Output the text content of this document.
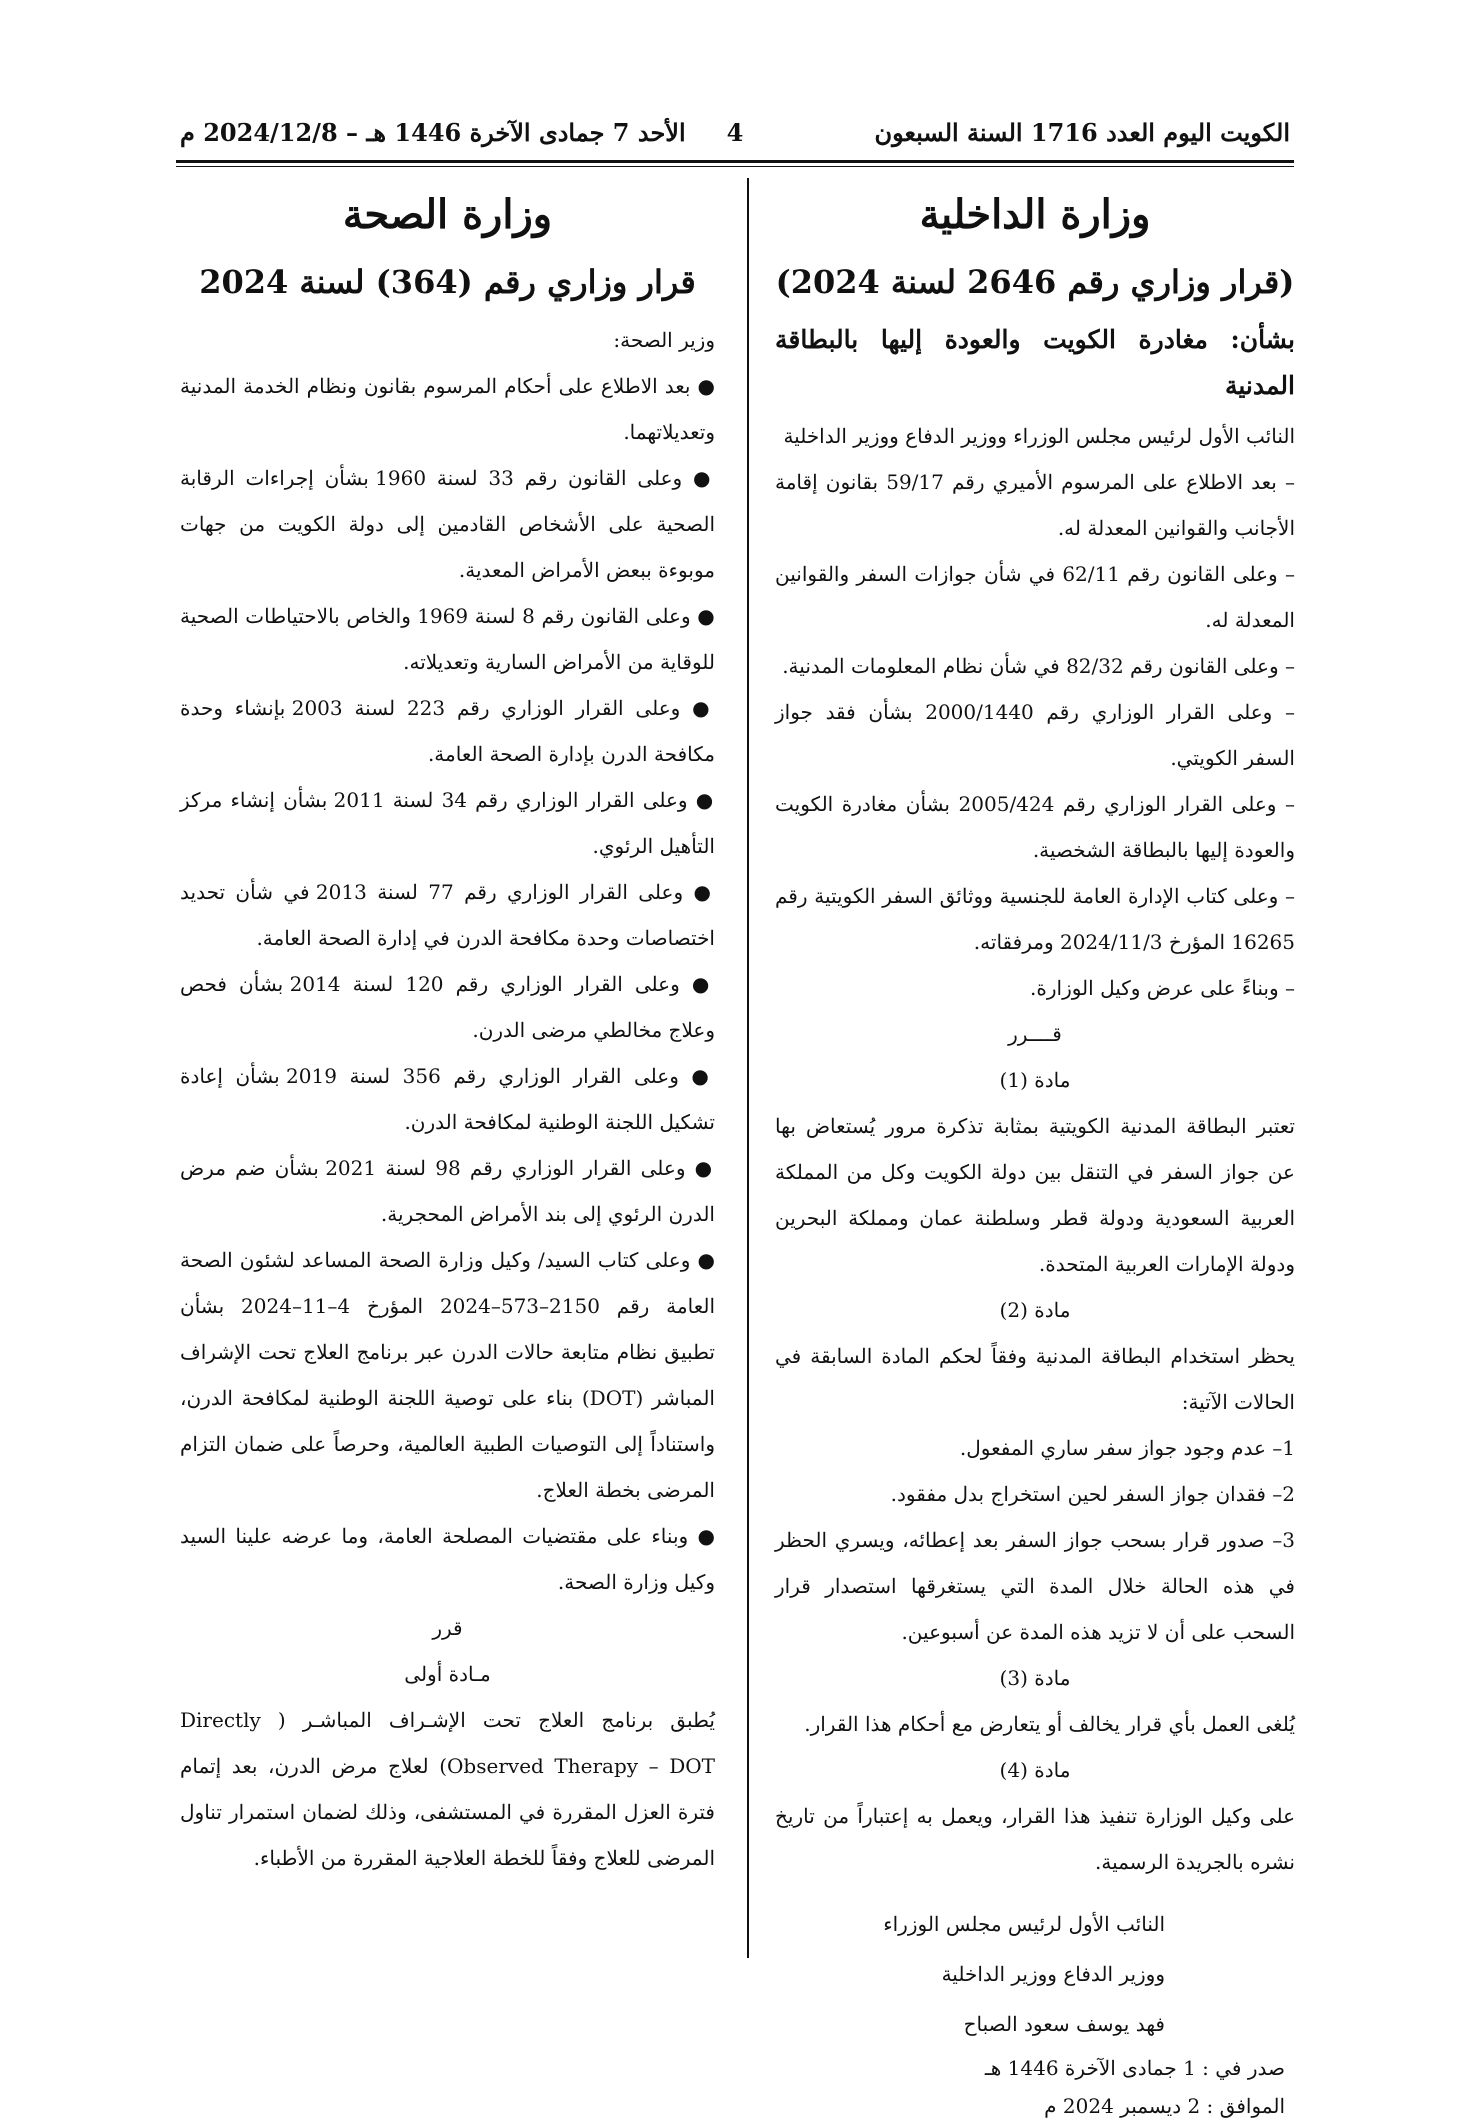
الكويت اليوم العدد 1716 السنة السبعون
4
الأحد 7 جمادى الآخرة 1446 هـ – 2024/12/8 م
وزارة الداخلية
(قرار وزاري رقم 2646 لسنة 2024)
بشأن: مغادرة الكويت والعودة إليها بالبطاقة المدنية

النائب الأول لرئيس مجلس الوزراء ووزير الدفاع ووزير الداخلية

– بعد الاطلاع على المرسوم الأميري رقم 59/17 بقانون إقامة الأجانب والقوانين المعدلة له.

– وعلى القانون رقم 62/11 في شأن جوازات السفر والقوانين المعدلة له.

– وعلى القانون رقم 82/32 في شأن نظام المعلومات المدنية.

– وعلى القرار الوزاري رقم 2000/1440 بشأن فقد جواز السفر الكويتي.

– وعلى القرار الوزاري رقم 2005/424 بشأن مغادرة الكويت والعودة إليها بالبطاقة الشخصية.

– وعلى كتاب الإدارة العامة للجنسية ووثائق السفر الكويتية رقم 16265 المؤرخ 2024/11/3 ومرفقاته.

– وبناءً على عرض وكيل الوزارة.

قــــرر

مادة (1)

تعتبر البطاقة المدنية الكويتية بمثابة تذكرة مرور يُستعاض بها عن جواز السفر في التنقل بين دولة الكويت وكل من المملكة العربية السعودية ودولة قطر وسلطنة عمان ومملكة البحرين ودولة الإمارات العربية المتحدة.

مادة (2)

يحظر استخدام البطاقة المدنية وفقاً لحكم المادة السابقة في الحالات الآتية:

1– عدم وجود جواز سفر ساري المفعول.

2– فقدان جواز السفر لحين استخراج بدل مفقود.

3– صدور قرار بسحب جواز السفر بعد إعطائه، ويسري الحظر في هذه الحالة خلال المدة التي يستغرقها استصدار قرار السحب على أن لا تزيد هذه المدة عن أسبوعين.

مادة (3)

يُلغى العمل بأي قرار يخالف أو يتعارض مع أحكام هذا القرار.

مادة (4)

على وكيل الوزارة تنفيذ هذا القرار، ويعمل به إعتباراً من تاريخ نشره بالجريدة الرسمية.

النائب الأول لرئيس مجلس الوزراء

ووزير الدفاع ووزير الداخلية

فهد يوسف سعود الصباح

صدر في : 1 جمادى الآخرة 1446 هـ

الموافق : 2 ديسمبر 2024 م

وزارة الصحة
قرار وزاري رقم (364) لسنة 2024

وزير الصحة:

● بعد الاطلاع على أحكام المرسوم بقانون ونظام الخدمة المدنية وتعديلاتهما.

● وعلى القانون رقم 33 لسنة 1960 بشأن إجراءات الرقابة الصحية على الأشخاص القادمين إلى دولة الكويت من جهات موبوءة ببعض الأمراض المعدية.

● وعلى القانون رقم 8 لسنة 1969 والخاص بالاحتياطات الصحية للوقاية من الأمراض السارية وتعديلاته.

● وعلى القرار الوزاري رقم 223 لسنة 2003 بإنشاء وحدة مكافحة الدرن بإدارة الصحة العامة.

● وعلى القرار الوزاري رقم 34 لسنة 2011 بشأن إنشاء مركز التأهيل الرئوي.

● وعلى القرار الوزاري رقم 77 لسنة 2013 في شأن تحديد اختصاصات وحدة مكافحة الدرن في إدارة الصحة العامة.

● وعلى القرار الوزاري رقم 120 لسنة 2014 بشأن فحص وعلاج مخالطي مرضى الدرن.

● وعلى القرار الوزاري رقم 356 لسنة 2019 بشأن إعادة تشكيل اللجنة الوطنية لمكافحة الدرن.

● وعلى القرار الوزاري رقم 98 لسنة 2021 بشأن ضم مرض الدرن الرئوي إلى بند الأمراض المحجرية.

● وعلى كتاب السيد/ وكيل وزارة الصحة المساعد لشئون الصحة العامة رقم 2150–573–2024 المؤرخ 4–11–2024 بشأن تطبيق نظام متابعة حالات الدرن عبر برنامج العلاج تحت الإشراف المباشر (DOT) بناء على توصية اللجنة الوطنية لمكافحة الدرن، واستناداً إلى التوصيات الطبية العالمية، وحرصاً على ضمان التزام المرضى بخطة العلاج.

● وبناء على مقتضيات المصلحة العامة، وما عرضه علينا السيد وكيل وزارة الصحة.

قرر

مـادة أولى

يُطبق برنامج العلاج تحت الإشـراف المباشـر ( Directly Observed Therapy – DOT) لعلاج مرض الدرن، بعد إتمام فترة العزل المقررة في المستشفى، وذلك لضمان استمرار تناول المرضى للعلاج وفقاً للخطة العلاجية المقررة من الأطباء.
